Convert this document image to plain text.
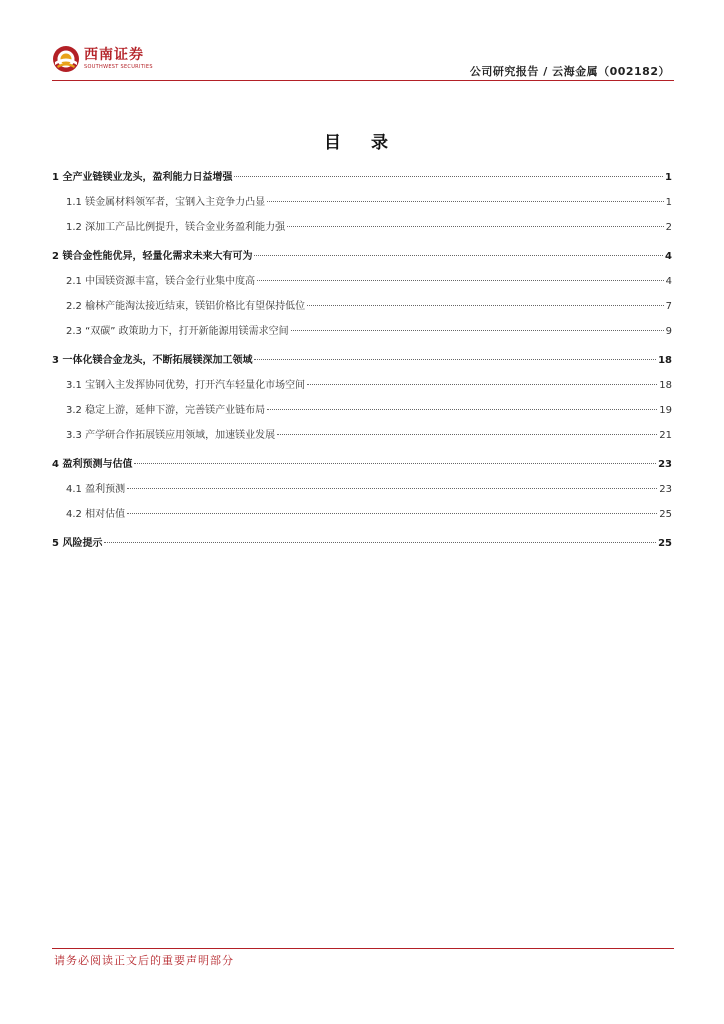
西南证券
SOUTHWEST SECURITIES	公司研究报告 / 云海金属（002182）
目 录
1 全产业链镁业龙头，盈利能力日益增强	1
1.1 镁金属材料领军者，宝钢入主竞争力凸显	1
1.2 深加工产品比例提升，镁合金业务盈利能力强	2
2 镁合金性能优异，轻量化需求未来大有可为	4
2.1 中国镁资源丰富，镁合金行业集中度高	4
2.2 榆林产能淘汰接近结束，镁铝价格比有望保持低位	7
2.3 “双碳” 政策助力下，打开新能源用镁需求空间	9
3 一体化镁合金龙头，不断拓展镁深加工领域	18
3.1 宝钢入主发挥协同优势，打开汽车轻量化市场空间	18
3.2 稳定上游，延伸下游，完善镁产业链布局	19
3.3 产学研合作拓展镁应用领域，加速镁业发展	21
4 盈利预测与估值	23
4.1 盈利预测	23
4.2 相对估值	25
5 风险提示	25
请务必阅读正文后的重要声明部分
